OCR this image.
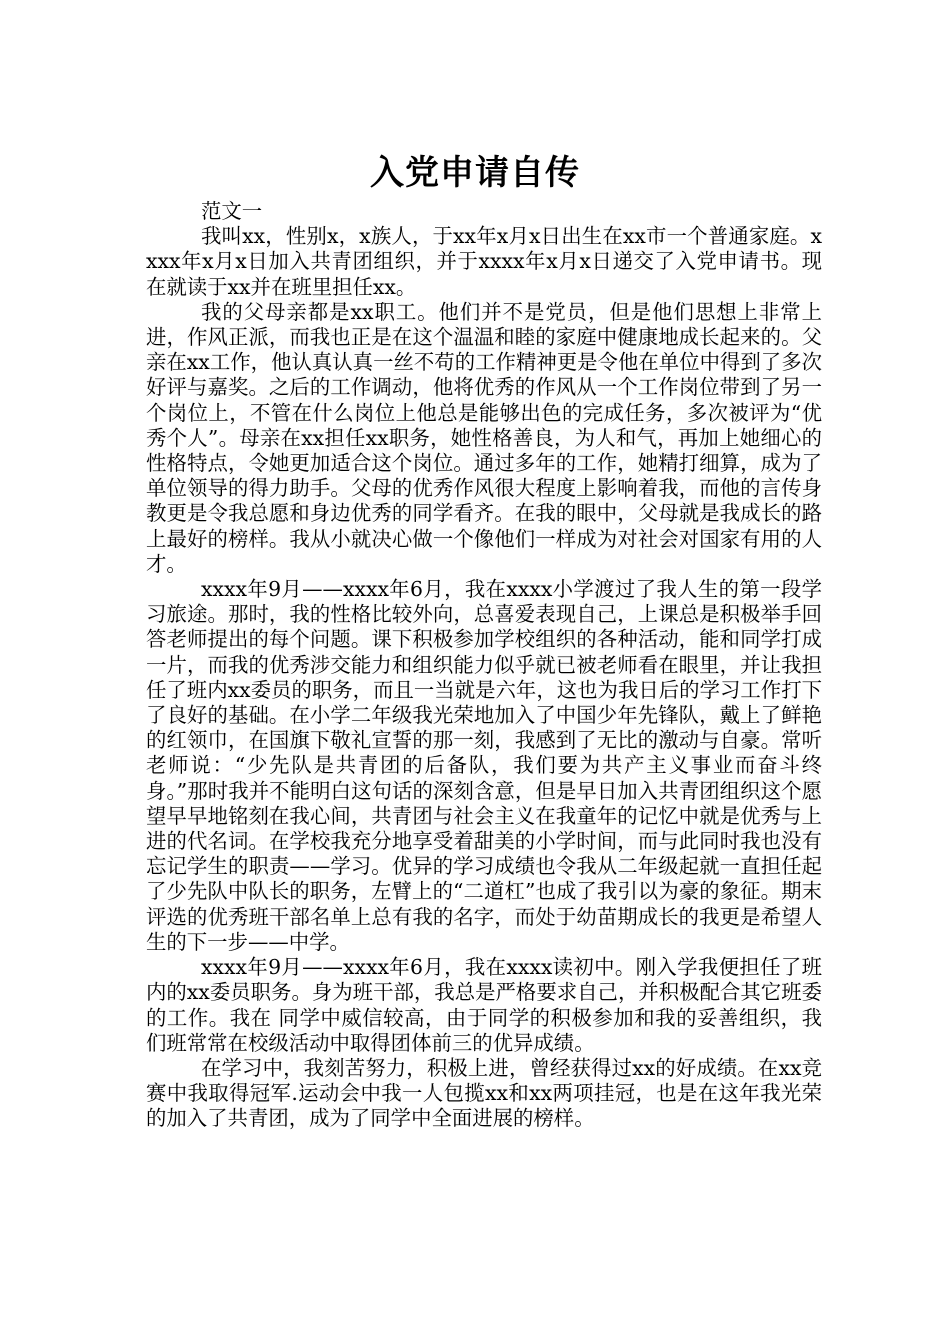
入党申请自传

范文一

我叫xx，性别x，x族人，于xx年x月x日出生在xx市一个普通家庭。xxxx年x月x日加入共青团组织，并于xxxx年x月x日递交了入党申请书。现在就读于xx并在班里担任xx。

我的父母亲都是xx职工。他们并不是党员，但是他们思想上非常上进，作风正派，而我也正是在这个温温和睦的家庭中健康地成长起来的。父亲在xx工作，他认真认真一丝不苟的工作精神更是令他在单位中得到了多次好评与嘉奖。之后的工作调动，他将优秀的作风从一个工作岗位带到了另一个岗位上，不管在什么岗位上他总是能够出色的完成任务，多次被评为“优秀个人”。母亲在xx担任xx职务，她性格善良，为人和气，再加上她细心的性格特点，令她更加适合这个岗位。通过多年的工作，她精打细算，成为了单位领导的得力助手。父母的优秀作风很大程度上影响着我，而他的言传身教更是令我总愿和身边优秀的同学看齐。在我的眼中，父母就是我成长的路上最好的榜样。我从小就决心做一个像他们一样成为对社会对国家有用的人才。

xxxx年9月——xxxx年6月，我在xxxx小学渡过了我人生的第一段学习旅途。那时，我的性格比较外向，总喜爱表现自己，上课总是积极举手回答老师提出的每个问题。课下积极参加学校组织的各种活动，能和同学打成一片，而我的优秀涉交能力和组织能力似乎就已被老师看在眼里，并让我担任了班内xx委员的职务，而且一当就是六年，这也为我日后的学习工作打下了良好的基础。在小学二年级我光荣地加入了中国少年先锋队，戴上了鲜艳的红领巾，在国旗下敬礼宣誓的那一刻，我感到了无比的激动与自豪。常听老师说：“少先队是共青团的后备队，我们要为共产主义事业而奋斗终身。”那时我并不能明白这句话的深刻含意，但是早日加入共青团组织这个愿望早早地铭刻在我心间，共青团与社会主义在我童年的记忆中就是优秀与上进的代名词。在学校我充分地享受着甜美的小学时间，而与此同时我也没有忘记学生的职责——学习。优异的学习成绩也令我从二年级起就一直担任起了少先队中队长的职务，左臂上的“二道杠”也成了我引以为豪的象征。期末评选的优秀班干部名单上总有我的名字，而处于幼苗期成长的我更是希望人生的下一步——中学。

xxxx年9月——xxxx年6月，我在xxxx读初中。刚入学我便担任了班内的xx委员职务。身为班干部，我总是严格要求自己，并积极配合其它班委的工作。我在 同学中威信较高，由于同学的积极参加和我的妥善组织，我们班常常在校级活动中取得团体前三的优异成绩。

在学习中，我刻苦努力，积极上进，曾经获得过xx的好成绩。在xx竞赛中我取得冠军.运动会中我一人包揽xx和xx两项挂冠，也是在这年我光荣的加入了共青团，成为了同学中全面进展的榜样。
